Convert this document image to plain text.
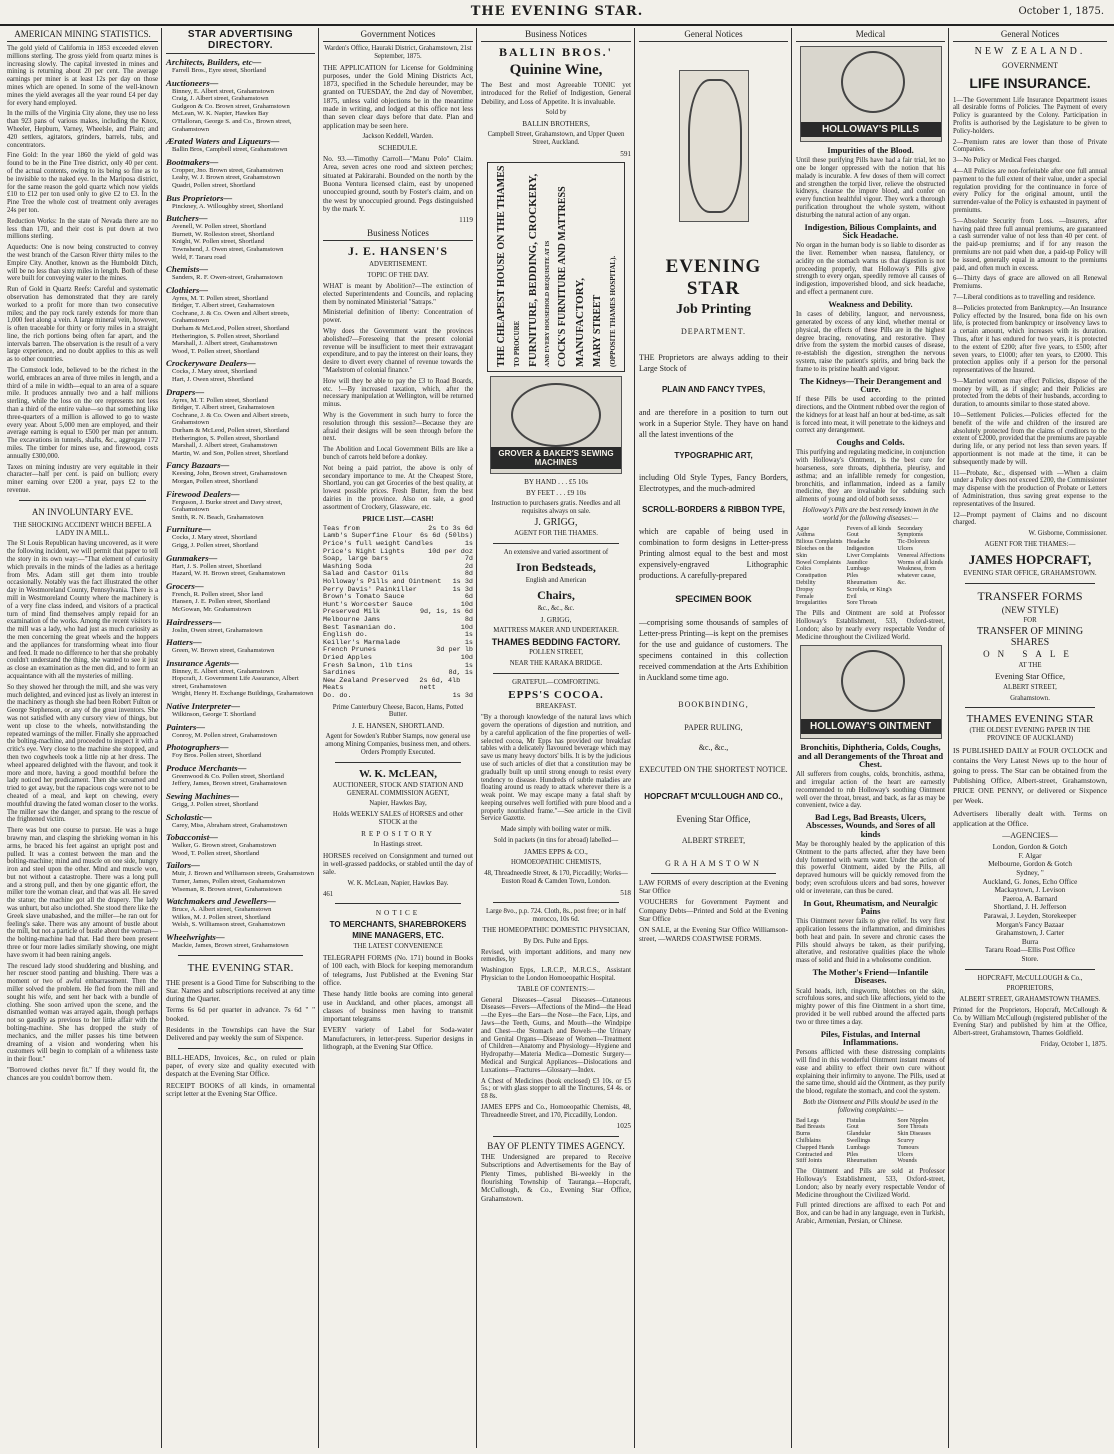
THE EVENING STAR.	October 1, 1875.
AMERICAN MINING STATISTICS.

The gold yield of California in 1853 exceeded eleven millions sterling. The gross yield from quartz mines is increasing slowly. The capital invested in mines and mining is returning about 20 per cent. The average earnings per miner is at least 12s per day on those mines which are opened. In some of the well-known mines the yield averages all the year round £4 per day for every hand employed.

In the mills of the Virginia City alone, they use no less than 923 pans of various makes, including the Knox, Wheeler, Hepburn, Varney, Wheelsle, and Plain; and 420 settlers, agitators, grinders, barrels, tubs, and concentrators.

Fine Gold: In the year 1860 the yield of gold was found to be in the Pine Tree district, only 40 per cent. of the actual contents, owing to its being so fine as to be invisible to the naked eye. In the Mariposa district, for the same reason the gold quartz which now yields £10 to £12 per ton used only to give £2 to £3. In the Pine Tree the whole cost of treatment only averages 24s per ton.

Reduction Works: In the state of Nevada there are no less than 170, and their cost is put down at two millions sterling.

Aqueducts: One is now being constructed to convey the west branch of the Carson River thirty miles to the Empire City. Another, known as the Humboldt Ditch, will be no less than sixty miles in length. Both of these were built for conveying water to the mines.

Run of Gold in Quartz Reefs: Careful and systematic observation has demonstrated that they are rarely worked to a profit for more than two consecutive miles; and the pay rock rarely extends for more than 1,000 feet along a vein. A large mineral vein, however, is often traceable for thirty or forty miles in a straight line, the rich portions being often far apart, and the intervals barren. The observation is the result of a very large experience, and no doubt applies to this as well as to other countries.

The Comstock lode, believed to be the richest in the world, embraces an area of three miles in length, and a third of a mile in width—equal to an area of a square mile. It produces annually two and a half millions sterling, while the loss on the ore represents not less than a third of the entire value—so that something like three-quarters of a million is allowed to go to waste every year. About 5,000 men are employed, and their average earning is equal to £500 per man per annum. The excavations in tunnels, shafts, &c., aggregate 172 miles. The timber for mines use, and firewood, costs annually £300,000.

Taxes on mining industry are very equitable in their character—half per cent. is paid on bullion; every miner earning over £200 a year, pays £2 to the revenue.

AN INVOLUNTARY EVE.

THE SHOCKING ACCIDENT WHICH BEFEL A LADY IN A MILL.

The St Louis Republican having uncovered, as it were the following incident, we will permit that paper to tell the story in its own way:—"That element of curiosity which prevails in the minds of the ladies as a heritage from Mrs. Adam still get them into trouble occasionally. Notably was the fact illustrated the other day in Westmoreland County, Pennsylvania. There is a mill in Westmoreland County where the machinery is of a very fine class indeed, and visitors of a practical turn of mind find themselves amply repaid for an examination of the works. Among the recent visitors to the mill was a lady, who had just as much curiosity as the men concerning the great wheels and the hoppers and the appliances for transforming wheat into flour and feed. It made no difference to her that she probably couldn't understand the thing, she wanted to see it just as close an examination as the men did, and to form an acquaintance with all the mysteries of milling.

So they showed her through the mill, and she was very much delighted, and evinced just as lively an interest in the machinery as though she had been Robert Fulton or George Stephenson, or any of the great inventors. She was not satisfied with any cursory view of things, but went up close to the wheels, notwithstanding the repeated warnings of the miller. Finally she approached the bolting-machine, and proceeded to inspect it with a critic's eye. Very close to the machine she stopped, and then two cogwheels took a little nip at her dress. The wheel appeared delighted with the flavour, and took it more and more, having a good mouthful before the lady noticed her predicament. Then she screamed and tried to get away, but the rapacious cogs were not to be cheated of a meal, and kept on chewing, every mouthful drawing the fated woman closer to the works. The miller saw the danger, and sprang to the rescue of the frightened victim.

There was but one course to pursue. He was a huge brawny man, and clasping the shrieking woman in his arms, he braced his feet against an upright post and pulled. It was a contest between the man and the bolting-machine; mind and muscle on one side, hungry iron and steel upon the other. Mind and muscle won, but not without a catastrophe. There was a long pull and a strong pull, and then by one gigantic effort, the miller tore the woman clear, and that was all. He saved the statue; the machine got all the drapery. The lady was unhurt, but also unclothed. She stood there like the Greek slave unabashed, and the miller—he ran out for feeling's sake. There was any amount of bustle about the mill, but not a particle of bustle about the woman—the bolting-machine had that. Had there been present three or four more ladies similarly showing, one might have sworn it had been raining angels.

The rescued lady stood shuddering and blushing, and her rescuer stood panting and blushing. There was a moment or two of awful embarrassment. Then the miller solved the problem. He fled from the mill and sought his wife, and sent her back with a bundle of clothing. She soon arrived upon the scene, and the dismantled woman was arrayed again, though perhaps not so gaudily as previous to her little affair with the bolting-machine. She has dropped the study of mechanics, and the miller passes his time between dreaming of a vision and wondering when his customers will begin to complain of a whiteness taste in their flour."

"Borrowed clothes never fit." If they would fit, the chances are you couldn't borrow them.

STAR ADVERTISING DIRECTORY.
Architects, Builders, etc—
Farrell Bros., Eyre street, Shortland
Auctioneers—
Binney, E. Albert street, Grahamstown
Craig, J. Albert street, Grahamstown
Gudgeon & Co. Brown street, Grahamstown
McLean, W. K. Napier, Hawkes Bay
O'Halloran, George S. and Co., Brown street, Grahamstown
Ærated Waters and Liqueurs—
Ballin Bros, Campbell street, Grahamstown
Bootmakers—
Cropper, Jno. Brown street, Grahamstown
Leahy, W. J. Brown street, Grahamstown
Quadri, Pollen street, Shortland
Bus Proprietors—
Pinckney, A. Willoughby street, Shortland
Butchers—
Avenell, W. Pollen street, Shortland
Burnett, W. Rolleston street, Shortland
Knight, W. Pollen street, Shortland
Townshend, J. Owen street, Grahamstown
Weld, F. Tararu road
Chemists—
Sanders, R. F. Owen-street, Grahamstown
Clothiers—
Ayres, M. T. Pollen street, Shortland
Bridger, T. Albert street, Grahamstown
Cochrane, J. & Co. Owen and Albert streets, Grahamstown
Durham & McLeod, Pollen street, Shortland
Hetherington, S. Pollen street, Shortland
Marshall, J. Albert street, Grahamstown
Wood, T. Pollen street, Shortland
Crockeryware Dealers—
Cocks, J. Mary street, Shortland
Hart, J. Owen street, Shortland
Drapers—
Ayres, M. T. Pollen street, Shortland
Bridger, T. Albert street, Grahamstown
Cochrane, J. & Co. Owen and Albert streets, Grahamstown
Durham & McLeod, Pollen street, Shortland
Hetherington, S. Pollen street, Shortland
Marshall, J. Albert street, Grahamstown
Martin, W. and Son, Pollen street, Shortland
Fancy Bazaars—
Keesing, John, Brown street, Grahamstown
Morgan, Pollen street, Shortland
Firewood Dealers—
Ferguson, J. Burke street and Davy street, Grahamstown
Smith, R. N. Beach, Grahamstown
Furniture—
Cocks, J. Mary street, Shortland
Grigg, J. Pollen street, Shortland
Gunmakers—
Hart, J. S. Pollen street, Shortland
Hazard, W. H. Brown street, Grahamstown
Grocers—
French, R. Pollen street, Shor land
Hansen, J. E. Pollen street, Shortland
McGowan, Mr. Grahamstown
Hairdressers—
Joslin, Owen street, Grahamstown
Hatters—
Green, W. Brown street, Grahamstown
Insurance Agents—
Binney, E. Albert street, Grahamstown
Hopcraft, J. Government Life Assurance, Albert street, Grahamstown
Wright, Henry H. Exchange Buildings, Grahamstown
Native Interpreter—
Wilkinson, George T. Shortland
Painters—
Conroy, M. Pollen street, Grahamstown
Photographers—
Foy Bros. Pollen street, Shortland
Produce Merchants—
Greenwood & Co. Pollen street, Shortland
Jeffery, James, Brown street, Grahamstown
Sewing Machines—
Grigg, J. Pollen street, Shortland
Scholastic—
Carey, Miss, Abraham street, Grahamstown
Tobacconist—
Walker, G. Brown street, Grahamstown
Wood, T. Pollen street, Shortland
Tailors—
Muir, J. Brown and Williamson streets, Grahamstown
Turner, James, Pollen street, Grahamstown
Wiseman, R. Brown street, Grahamstown
Watchmakers and Jewellers—
Bruce, A. Albert street, Grahamstown
Wilkes, M. J. Pollen street, Shortland
Welsh, S. Williamson street, Grahamstown
Wheelwrights—
Mackie, James, Brown street, Grahamstown
THE EVENING STAR.

THE present is a Good Time for Subscribing to the Star. Names and subscriptions received at any time during the Quarter.

Terms 6s 6d per quarter in advance. 7s 6d " " booked.

Residents in the Townships can have the Star Delivered and pay weekly the sum of Sixpence.

BILL-HEADS, Invoices, &c., on ruled or plain paper, of every size and quality executed with despatch at the Evening Star Office.

RECEIPT BOOKS of all kinds, in ornamental script letter at the Evening Star Office.

Government Notices

Warden's Office, Hauraki District, Grahamstown, 21st September, 1875.

THE APPLICATION for License for Goldmining purposes, under the Gold Mining Districts Act, 1873, specified in the Schedule hereunder, may be granted on TUESDAY, the 2nd day of November, 1875, unless valid objections be in the meantime made in writing, and lodged at this office not less than seven clear days before that date. Plan and application may be seen here.

Jackson Keddell, Warden.

SCHEDULE.

No. 93.—Timothy Carroll—"Manu Polo" Claim. Area, seven acres one rood and sixteen perches; situated at Pakirarahi. Bounded on the north by the Buona Ventura licensed claim, east by unopened unoccupied ground, south by Foster's claim, and on the west by unoccupied ground. Pegs distinguished by the mark Y.

1119

Business Notices
J. E. HANSEN'S

ADVERTISEMENT.

TOPIC OF THE DAY.

WHAT is meant by Abolition?—The extinction of elected Superintendents and Councils, and replacing them by nominated Ministerial "Satraps."

Ministerial definition of liberty: Concentration of power.

Why does the Government want the provinces abolished?—Foreseeing that the present colonial revenue will be insufficient to meet their extravagant expenditure, and to pay the interest on their loans, they desire to divert every channel of revenue towards the "Maelstrom of colonial finance."

How will they be able to pay the £3 to Road Boards, etc. !—By increased taxation, which, after the necessary manipulation at Wellington, will be returned minus.

Why is the Government in such hurry to force the resolution through this session?—Because they are afraid their designs will be seen through before the next.

The Abolition and Local Government Bills are like a bunch of carrots held before a donkey.

Not being a paid patriot, the above is only of secondary importance to me. At the Cheapest Store, Shortland, you can get Groceries of the best quality, at lowest possible prices. Fresh Butter, from the best dairies in the province. Also on sale, a good assortment of Crockery, Glassware, etc.

PRICE LIST.—CASH!

Teas from	2s to 3s 6d
Lamb's Superfine Flour 6s 6d (50lbs)
Price's full weight Candles	1s
Price's Night Lights	10d per doz
Soap, large bars	7d
Washing Soda	2d
Salad and Castor Oils	8d
Holloway's Pills and Ointment 1s 3d
Perry Davis' Painkiller	1s 3d
Brown's Tomato Sauce	6d
Hunt's Worcester Sauce	10d
Preserved Milk	9d, 1s, 1s 6d
Melbourne Jams	8d
Best Tasmanian do.	10d
English do.	1s
Keiller's Marmalade	1s
French Prunes	3d per lb
Dried Apples	10d
Fresh Salmon, 1lb tins	1s
Sardines	8d, 1s
New Zealand Preserved Meats
2s 6d, 4lb nett
Do. do.	1s 3d

Prime Canterbury Cheese, Bacon, Hams, Potted Butter.

J. E. HANSEN, SHORTLAND.

Agent for Sowden's Rubber Stamps, now general use among Mining Companies, business men, and others. Orders Promptly Executed.

W. K. McLEAN,

AUCTIONEER, STOCK AND STATION AND GENERAL COMMISSION AGENT,

Napier, Hawkes Bay,

Holds WEEKLY SALES of HORSES and other STOCK at the

REPOSITORY

In Hastings street.

HORSES received on Consignment and turned out in well-grassed paddocks, or stabled until the day of sale.

W. K. McLean, Napier, Hawkes Bay.

461

NOTICE

TO MERCHANTS, SHAREBROKERS

MINE MANAGERS, ETC.

THE LATEST CONVENIENCE

TELEGRAPH FORMS (No. 171) bound in Books of 100 each, with Block for keeping memorandum of telegrams, Just Published at the Evening Star office.

These handy little books are coming into general use in Auckland, and other places, amongst all classes of business men having to transmit important telegrams

EVERY variety of Label for Soda-water Manufacturers, in letter-press. Superior designs in lithograph, at the Evening Star Office.

Business Notices
BALLIN BROS.'
Quinine Wine,

The Best and most Agreeable TONIC yet introduced for the Relief of Indigestion, General Debility, and Loss of Appetite. It is invaluable.

Sold by

BALLIN BROTHERS,

Campbell Street, Grahamstown, and Upper Queen Street, Auckland.

591

THE CHEAPEST HOUSE ON THE THAMES TO PROCURE FURNITURE, BEDDING, CROCKERY, AND EVERY HOUSEHOLD REQUISITE AT IS COCK'S FURNITURE AND MATTRESS MANUFACTORY, MARY STREET (OPPOSITE THAMES HOSPITAL).
GROVER & BAKER'S SEWING MACHINES

BY HAND . . . £5 10s

BY FEET . . . £9 10s

Instruction to purchasers gratis. Needles and all requisites always on sale.

J. GRIGG,

AGENT FOR THE THAMES.

An extensive and varied assortment of

Iron Bedsteads,

English and American

Chairs,

&c., &c., &c.

J. GRIGG,

MATTRESS MAKER AND UNDERTAKER.

THAMES BEDDING FACTORY.

POLLEN STREET,

NEAR THE KARAKA BRIDGE.

GRATEFUL—COMFORTING.

EPPS'S COCOA.

BREAKFAST.

"By a thorough knowledge of the natural laws which govern the operations of digestion and nutrition, and by a careful application of the fine properties of well-selected cocoa, Mr Epps has provided our breakfast tables with a delicately flavoured beverage which may save us many heavy doctors' bills. It is by the judicious use of such articles of diet that a constitution may be gradually built up until strong enough to resist every tendency to disease. Hundreds of subtle maladies are floating around us ready to attack wherever there is a weak point. We may escape many a fatal shaft by keeping ourselves well fortified with pure blood and a properly nourished frame."—See article in the Civil Service Gazette.

Made simply with boiling water or milk.

Sold in packets (in tins for abroad) labelled—

JAMES EPPS & CO.,

HOMOEOPATHIC CHEMISTS,

48, Threadneedle Street, & 170, Piccadilly; Works—Euston Road & Camden Town, London.

518

Large 8vo., p.p. 724. Cloth, 8s., post free; or in half morocco, 10s 6d.

THE HOMEOPATHIC DOMESTIC PHYSICIAN,

By Drs. Pulte and Epps.

Revised, with important additions, and many new remedies, by

Washington Epps, L.R.C.P., M.R.C.S., Assistant Physician to the London Homoeopathic Hospital.

TABLE OF CONTENTS:—

General Diseases—Casual Diseases—Cutaneous Diseases—Fevers—Affections of the Mind—the Head—the Eyes—the Ears—the Nose—the Face, Lips, and Jaws—the Teeth, Gums, and Mouth—the Windpipe and Chest—the Stomach and Bowels—the Urinary and Genital Organs—Disease of Women—Treatment of Children—Anatomy and Physiology—Hygiene and Hydropathy—Materia Medica—Domestic Surgery—Medical and Surgical Appliances—Dislocations and Luxations—Fractures—Glossary—Index.

A Chest of Medicines (book enclosed) £3 10s. or £5 5s.; or with glass stopper to all the Tinctures, £4 4s. or £8 8s.

JAMES EPPS and Co., Homoeopathic Chemists, 48, Threadneedle Street, and 170, Piccadilly, London.

1025

BAY OF PLENTY TIMES AGENCY.

THE Undersigned are prepared to Receive Subscriptions and Advertisements for the Bay of Plenty Times, published Bi-weekly in the flourishing Township of Tauranga.—Hopcraft, McCullough, & Co., Evening Star Office, Grahamstown.

General Notices
EVENING STAR
Job Printing

DEPARTMENT.

THE Proprietors are always adding to their Large Stock of

PLAIN AND FANCY TYPES,

and are therefore in a position to turn out work in a Superior Style. They have on hand all the latest inventions of the

TYPOGRAPHIC ART,

including Old Style Types, Fancy Borders, Electrotypes, and the much-admired

SCROLL-BORDERS & RIBBON TYPE,

which are capable of being used in combination to form designs in Letter-press Printing almost equal to the best and most expensively-engraved Lithographic productions. A carefully-prepared

SPECIMEN BOOK

—comprising some thousands of samples of Letter-press Printing—is kept on the premises for the use and guidance of customers. The specimens contained in this collection received commendation at the Arts Exhibition in Auckland some time ago.

BOOKBINDING,

PAPER RULING,

&c., &c.,

EXECUTED ON THE SHORTEST NOTICE.

HOPCRAFT M'CULLOUGH AND CO.,

Evening Star Office,

ALBERT STREET,

GRAHAMSTOWN

LAW FORMS of every description at the Evening Star Office

VOUCHERS for Government Payment and Company Debts—Printed and Sold at the Evening Star Office

ON SALE, at the Evening Star Office Williamson-street, —WARDS COASTWISE FORMS.

Medical
HOLLOWAY'S PILLS

Impurities of the Blood.

Until these purifying Pills have had a fair trial, let no one be longer oppressed with the notion that his malady is incurable. A few doses of them will correct and strengthen the torpid liver, relieve the obstructed kidneys, cleanse the impure blood, and confer on every function healthful vigour. They work a thorough purification throughout the whole system, without disturbing the natural action of any organ.

Indigestion, Bilious Complaints, and Sick Headache.

No organ in the human body is so liable to disorder as the liver. Remember when nausea, flatulency, or acidity on the stomach warns us that digestion is not proceeding properly, that Holloway's Pills give strength to every organ, speedily remove all causes of indigestion, impoverished blood, and sick headache, and effect a permanent cure.

Weakness and Debility.

In cases of debility, languor, and nervousness, generated by excess of any kind, whether mental or physical, the effects of these Pills are in the highest degree bracing, renovating, and restorative. They drive from the system the morbid causes of disease, re-establish the digestion, strengthen the nervous system, raise the patient's spirits, and bring back the frame to its pristine health and vigour.

The Kidneys—Their Derangement and Cure.

If these Pills be used according to the printed directions, and the Ointment rubbed over the region of the kidneys for at least half an hour at bed-time, as salt is forced into meat, it will penetrate to the kidneys and correct any derangement.

Coughs and Colds.

This purifying and regulating medicine, in conjunction with Holloway's Ointment, is the best cure for hoarseness, sore throats, diphtheria, pleurisy, and asthma; and an infallible remedy for congestion, bronchitis, and inflammation, indeed as a family medicine, they are invaluable for subduing such ailments of young and old of both sexes.

Holloway's Pills are the best remedy known in the world for the following diseases:—

Ague
Asthma
Bilious Complaints
Blotches on the Skin
Bowel Complaints
Colics
Constipation
Debility
Dropsy
Female Irregularities
Fevers of all kinds
Gout
Headache
Indigestion
Liver Complaints
Jaundice
Lumbago
Piles
Rheumatism
Scrofula, or King's Evil
Sore Throats
Secondary Symptoms
Tic-Doloreux
Ulcers
Venereal Affections
Worms of all kinds
Weakness, from whatever cause, &c.

The Pills and Ointment are sold at Professor Holloway's Establishment, 533, Oxford-street, London; also by nearly every respectable Vendor of Medicine throughout the Civilized World.

HOLLOWAY'S OINTMENT

Bronchitis, Diphtheria, Colds, Coughs, and all Derangements of the Throat and Chest.

All sufferers from coughs, colds, bronchitis, asthma, and irregular action of the heart are earnestly recommended to rub Holloway's soothing Ointment well over the throat, breast, and back, as far as may be convenient, twice a day.

Bad Legs, Bad Breasts, Ulcers, Abscesses, Wounds, and Sores of all kinds

May be thoroughly healed by the application of this Ointment to the parts affected, after they have been duly fomented with warm water. Under the action of this powerful Ointment, aided by the Pills, all depraved humours will be quickly removed from the body; even scrofulous ulcers and bad sores, however old or inveterate, can thus be cured.

In Gout, Rheumatism, and Neuralgic Pains

This Ointment never fails to give relief. Its very first application lessens the inflammation, and diminishes both heat and pain. In severe and chronic cases the Pills should always be taken, as their purifying, alterative, and restorative qualities place the whole mass of solid and fluid in a wholesome condition.

The Mother's Friend—Infantile Diseases.

Scald heads, itch, ringworm, blotches on the skin, scrofulous sores, and such like affections, yield to the mighty power of this fine Ointment in a short time, provided it be well rubbed around the affected parts two or three times a day.

Piles, Fistulas, and Internal Inflammations.

Persons afflicted with these distressing complaints will find in this wonderful Ointment instant means of ease and ability to effect their own cure without explaining their infirmity to anyone. The Pills, used at the same time, should aid the Ointment, as they purify the blood, regulate the stomach, and cool the system.

Both the Ointment and Pills should be used in the following complaints:—

Bad Legs
Bad Breasts
Burns
Chilblains
Chapped Hands
Contracted and Stiff Joints
Fistulas
Gout
Glandular Swellings
Lumbago
Piles
Rheumatism
Sore Nipples
Sore Throats
Skin Diseases
Scurvy
Tumours
Ulcers
Wounds

The Ointment and Pills are sold at Professor Holloway's Establishment, 533, Oxford-street, London; also by nearly every respectable Vendor of Medicine throughout the Civilized World.

Full printed directions are affixed to each Pot and Box, and can be had in any language, even in Turkish, Arabic, Armenian, Persian, or Chinese.

General Notices

NEW ZEALAND.

GOVERNMENT

LIFE INSURANCE.

1—The Government Life Insurance Department issues all desirable forms of Policies. The Payment of every Policy is guaranteed by the Colony. Participation in Profits is authorised by the Legislature to be given to Policy-holders.

2—Premium rates are lower than those of Private Companies.

3—No Policy or Medical Fees charged.

4—All Policies are non-forfeitable after one full annual payment to the full extent of their value, under a special regulation providing for the continuance in force of every Policy for the original amount, until the surrender-value of the Policy is exhausted in payment of premiums.

5—Absolute Security from Loss. —Insurers, after having paid three full annual premiums, are guaranteed a cash surrender value of not less than 40 per cent. of the paid-up premiums; and if for any reason the premiums are not paid when due, a paid-up Policy will be issued, generally equal in amount to the premiums paid, and often much in excess.

6—Thirty days of grace are allowed on all Renewal Premiums.

7—Liberal conditions as to travelling and residence.

8—Policies protected from Bankruptcy.—An Insurance Policy effected by the Insured, bona fide on his own life, is protected from bankruptcy or insolvency laws to a certain amount, which increases with its duration. Thus, after it has endured for two years, it is protected to the extent of £200; after five years, to £500; after seven years, to £1000; after ten years, to £2000. This protection applies only if a person for the personal representatives of the Insured.

9—Married women may effect Policies, dispose of the money by will, as if single; and their Policies are protected from the debts of their husbands, according to duration, to amounts similar to those stated above.

10—Settlement Policies.—Policies effected for the benefit of the wife and children of the insured are absolutely protected from the claims of creditors to the extent of £2000, provided that the premiums are payable during life, or any period not less than seven years. If apportionment is not made at the time, it can be subsequently made by will.

11—Probate, &c., dispensed with —When a claim under a Policy does not exceed £200, the Commissioner may dispense with the production of Probate or Letters of Administration, thus saving great expense to the representatives of the Insured.

12—Prompt payment of Claims and no discount charged.

W. Gisborne, Commissioner.

AGENT FOR THE THAMES:—

JAMES HOPCRAFT,

EVENING STAR OFFICE, GRAHAMSTOWN.

TRANSFER FORMS

(NEW STYLE)

FOR

TRANSFER OF MINING

SHARES

ON SALE

AT THE

Evening Star Office,

ALBERT STREET,

Grahamstown.

THAMES EVENING STAR

(THE OLDEST EVENING PAPER IN THE PROVINCE OF AUCKLAND)

IS PUBLISHED DAILY at FOUR O'CLOCK and contains the Very Latest News up to the hour of going to press. The Star can be obtained from the Publishing Office, Albert-street, Grahamstown, PRICE ONE PENNY, or delivered or Sixpence per Week.

Advertisers liberally dealt with. Terms on application at the Office.

—AGENCIES—

London, Gordon & Gotch
F. Algar
Melbourne, Gordon & Gotch
Sydney, "
Auckland, G. Jones, Echo Office
Mackaytown, J. Levison
Paeroa, A. Barnard
Shortland, J. H. Jefferson
Parawai, J. Leyden, Storekeeper
Morgan's Fancy Bazaar
Grahamstown, J. Carter
Burra
Tararu Road—Ellis Post Office
Store.

HOPCRAFT, McCULLOUGH & Co.,

PROPRIETORS,

ALBERT STREET, GRAHAMSTOWN THAMES.

Printed for the Proprietors, Hopcraft, McCullough & Co. by William McCullough (registered publisher of the Evening Star) and published by him at the Office, Albert-street, Grahamstown, Thames Goldfield.

Friday, October 1, 1875.
